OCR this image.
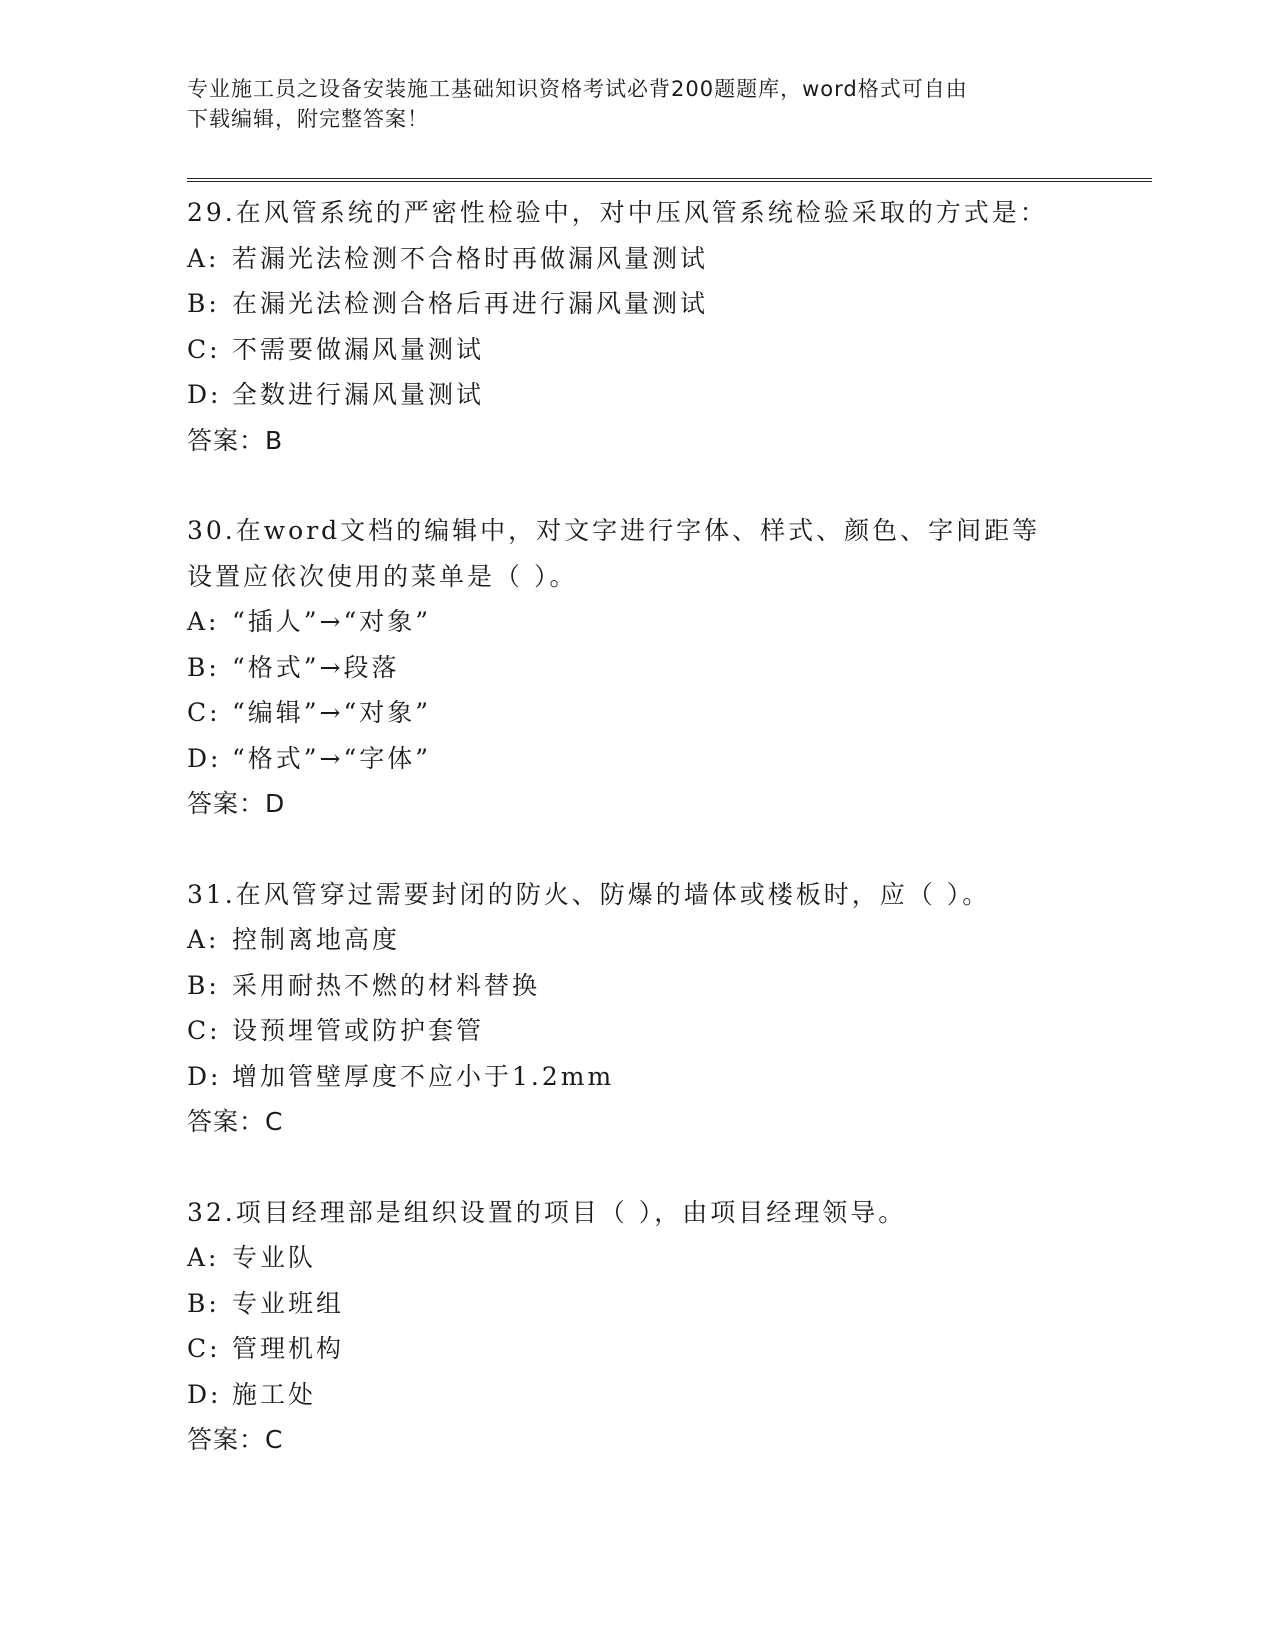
专业施工员之设备安装施工基础知识资格考试必背200题题库，word格式可自由
下载编辑，附完整答案！
29.在风管系统的严密性检验中，对中压风管系统检验采取的方式是：
A: 若漏光法检测不合格时再做漏风量测试
B: 在漏光法检测合格后再进行漏风量测试
C: 不需要做漏风量测试
D: 全数进行漏风量测试
答案：B
30.在word文档的编辑中，对文字进行字体、样式、颜色、字间距等
设置应依次使用的菜单是（ ）。
A: “插人”→“对象”
B: “格式”→段落
C: “编辑”→“对象”
D: “格式”→“字体”
答案：D
31.在风管穿过需要封闭的防火、防爆的墙体或楼板时，应（ ）。
A: 控制离地高度
B: 采用耐热不燃的材料替换
C: 设预埋管或防护套管
D: 增加管壁厚度不应小于1.2mm
答案：C
32.项目经理部是组织设置的项目（ ），由项目经理领导。
A: 专业队
B: 专业班组
C: 管理机构
D: 施工处
答案：C
